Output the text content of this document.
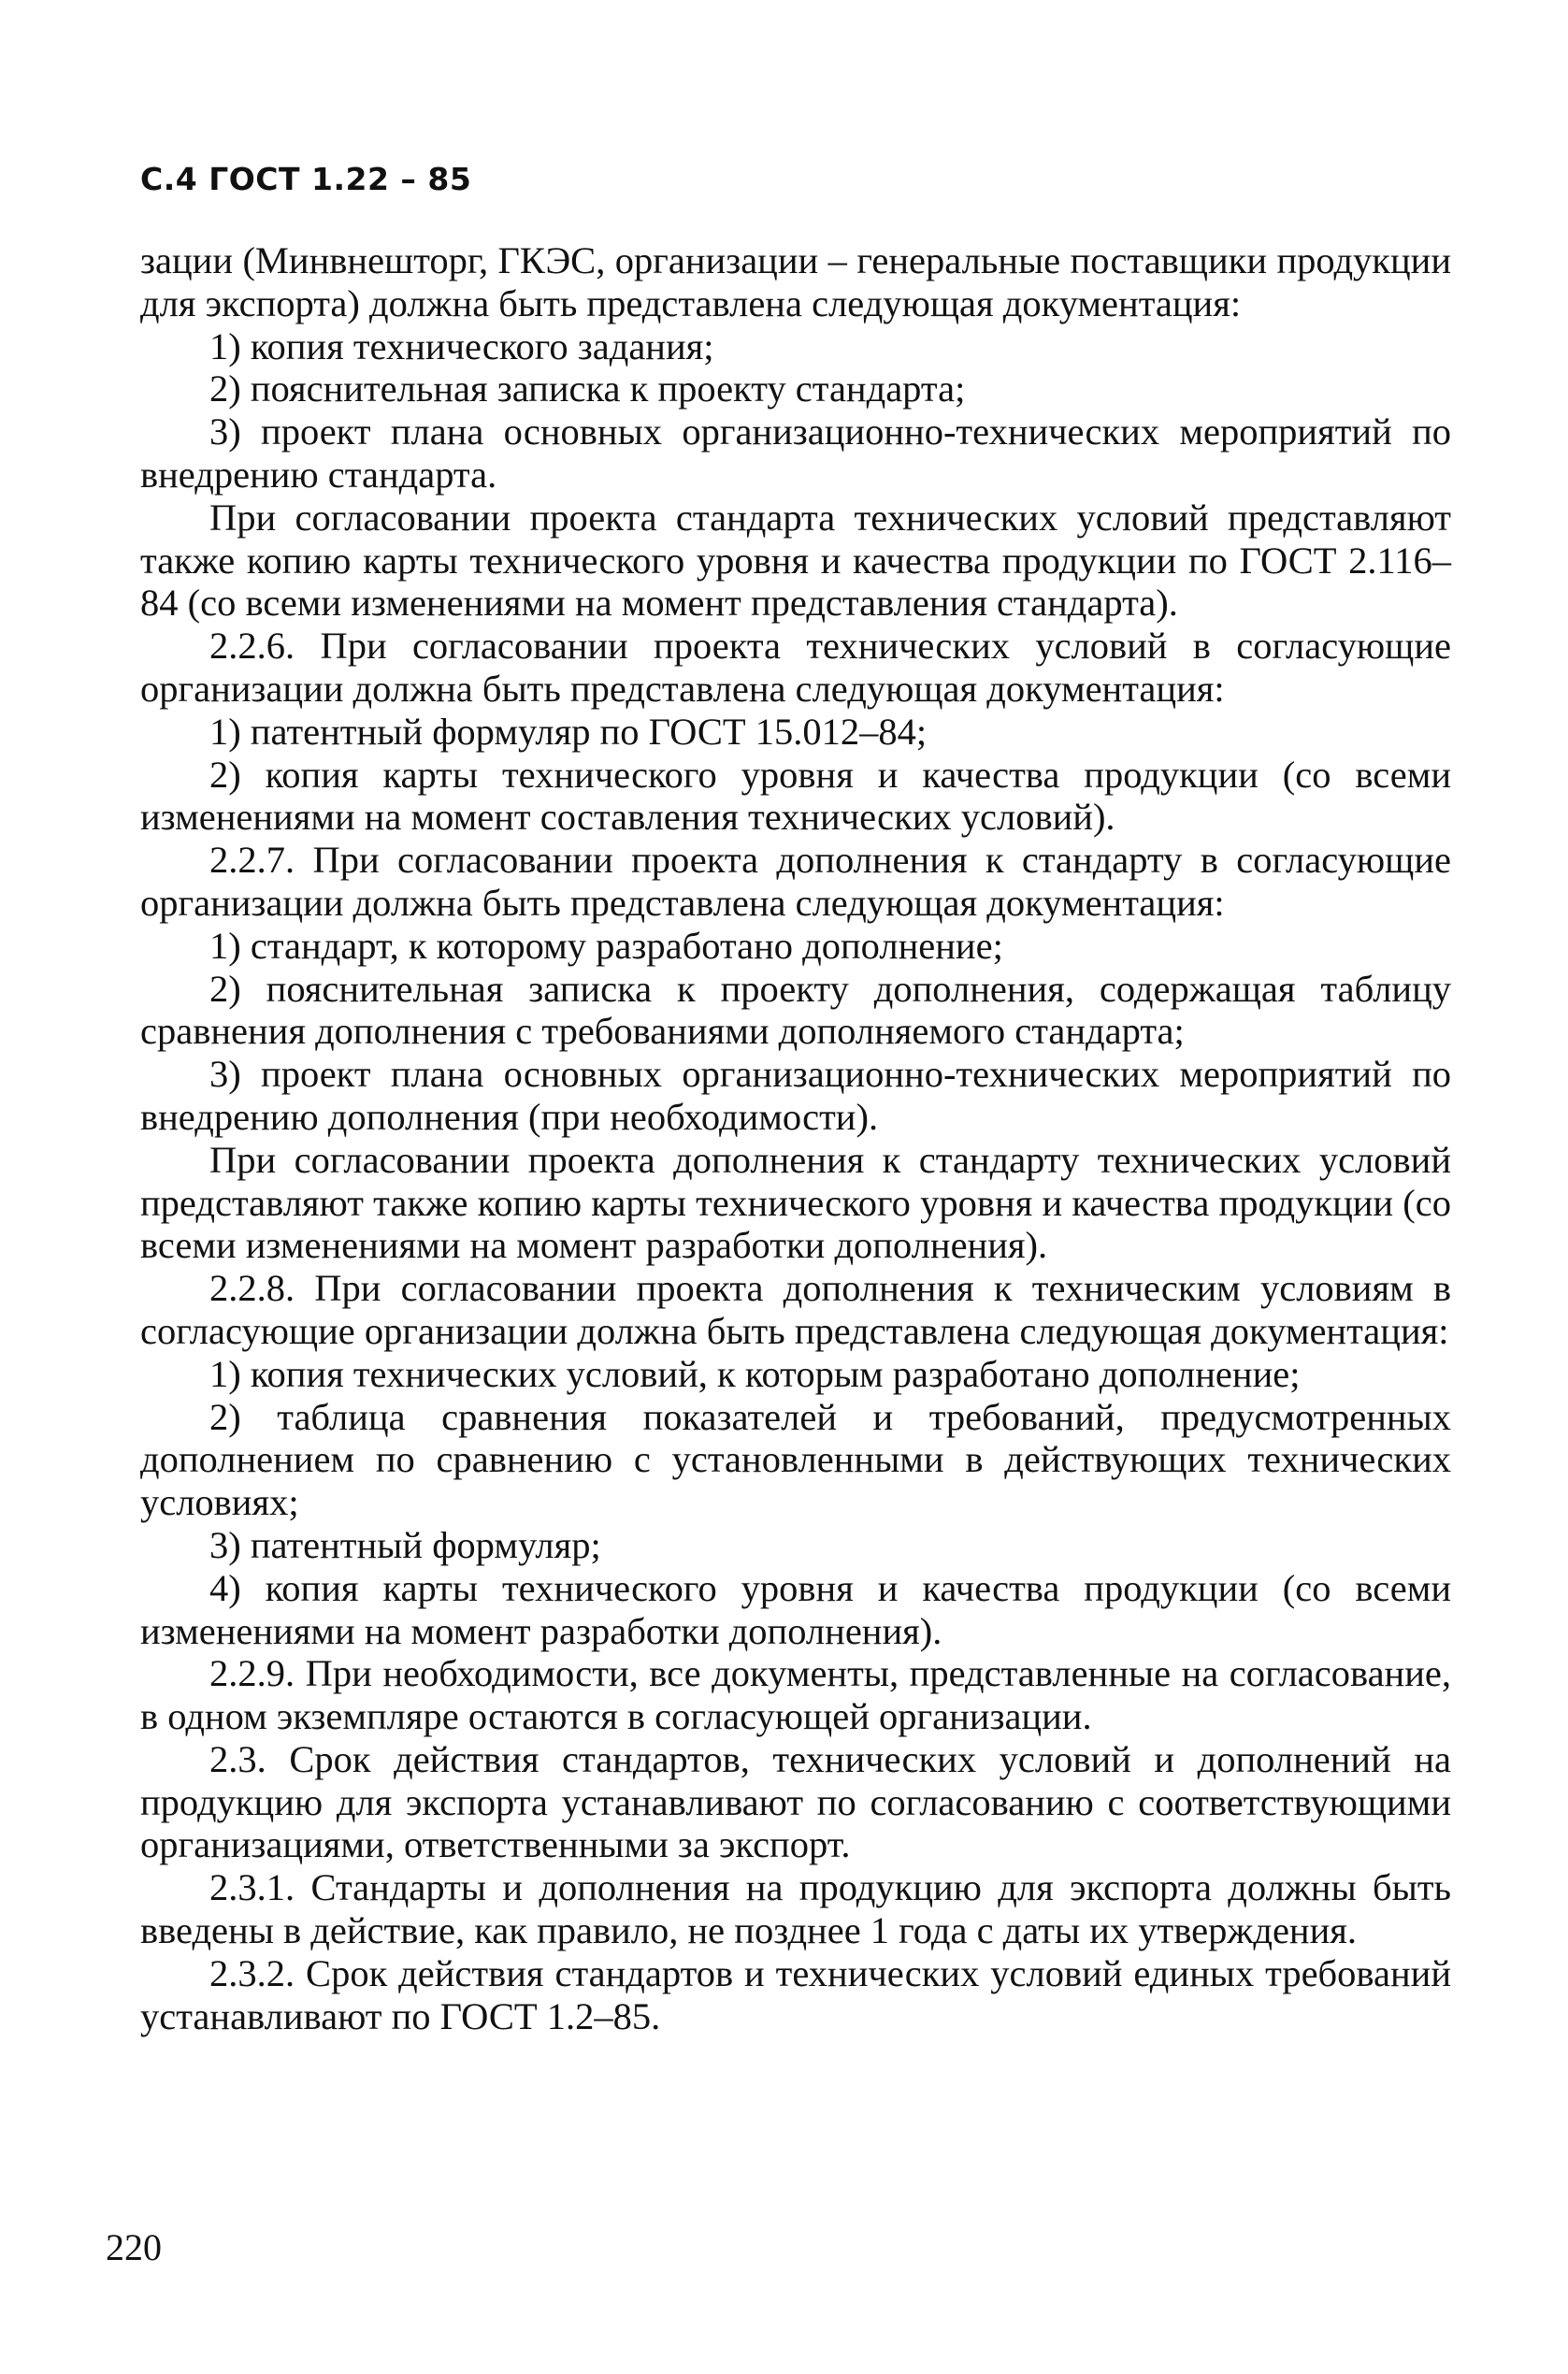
С.4 ГОСТ 1.22 – 85

зации (Минвнешторг, ГКЭС, организации – генеральные поставщики продукции для экспорта) должна быть представлена следующая документация:

1) копия технического задания;

2) пояснительная записка к проекту стандарта;

3) проект плана основных организационно-технических мероприятий по внедрению стандарта.

При согласовании проекта стандарта технических условий представляют также копию карты технического уровня и качества продукции по ГОСТ 2.116–84 (со всеми изменениями на момент представления стандарта).

2.2.6. При согласовании проекта технических условий в согласующие организации должна быть представлена следующая документация:

1) патентный формуляр по ГОСТ 15.012–84;

2) копия карты технического уровня и качества продукции (со всеми изменениями на момент составления технических условий).

2.2.7. При согласовании проекта дополнения к стандарту в согласующие организации должна быть представлена следующая документация:

1) стандарт, к которому разработано дополнение;

2) пояснительная записка к проекту дополнения, содержащая таблицу сравнения дополнения с требованиями дополняемого стандарта;

3) проект плана основных организационно-технических мероприятий по внедрению дополнения (при необходимости).

При согласовании проекта дополнения к стандарту технических условий представляют также копию карты технического уровня и качества продукции (со всеми изменениями на момент разработки дополнения).

2.2.8. При согласовании проекта дополнения к техническим условиям в согласующие организации должна быть представлена следующая документация:

1) копия технических условий, к которым разработано дополнение;

2) таблица сравнения показателей и требований, предусмотренных дополнением по сравнению с установленными в действующих технических условиях;

3) патентный формуляр;

4) копия карты технического уровня и качества продукции (со всеми изменениями на момент разработки дополнения).

2.2.9. При необходимости, все документы, представленные на согласование, в одном экземпляре остаются в согласующей организации.

2.3. Срок действия стандартов, технических условий и дополнений на продукцию для экспорта устанавливают по согласованию с соответствующими организациями, ответственными за экспорт.

2.3.1. Стандарты и дополнения на продукцию для экспорта должны быть введены в действие, как правило, не позднее 1 года с даты их утверждения.

2.3.2. Срок действия стандартов и технических условий единых требований устанавливают по ГОСТ 1.2–85.

220
